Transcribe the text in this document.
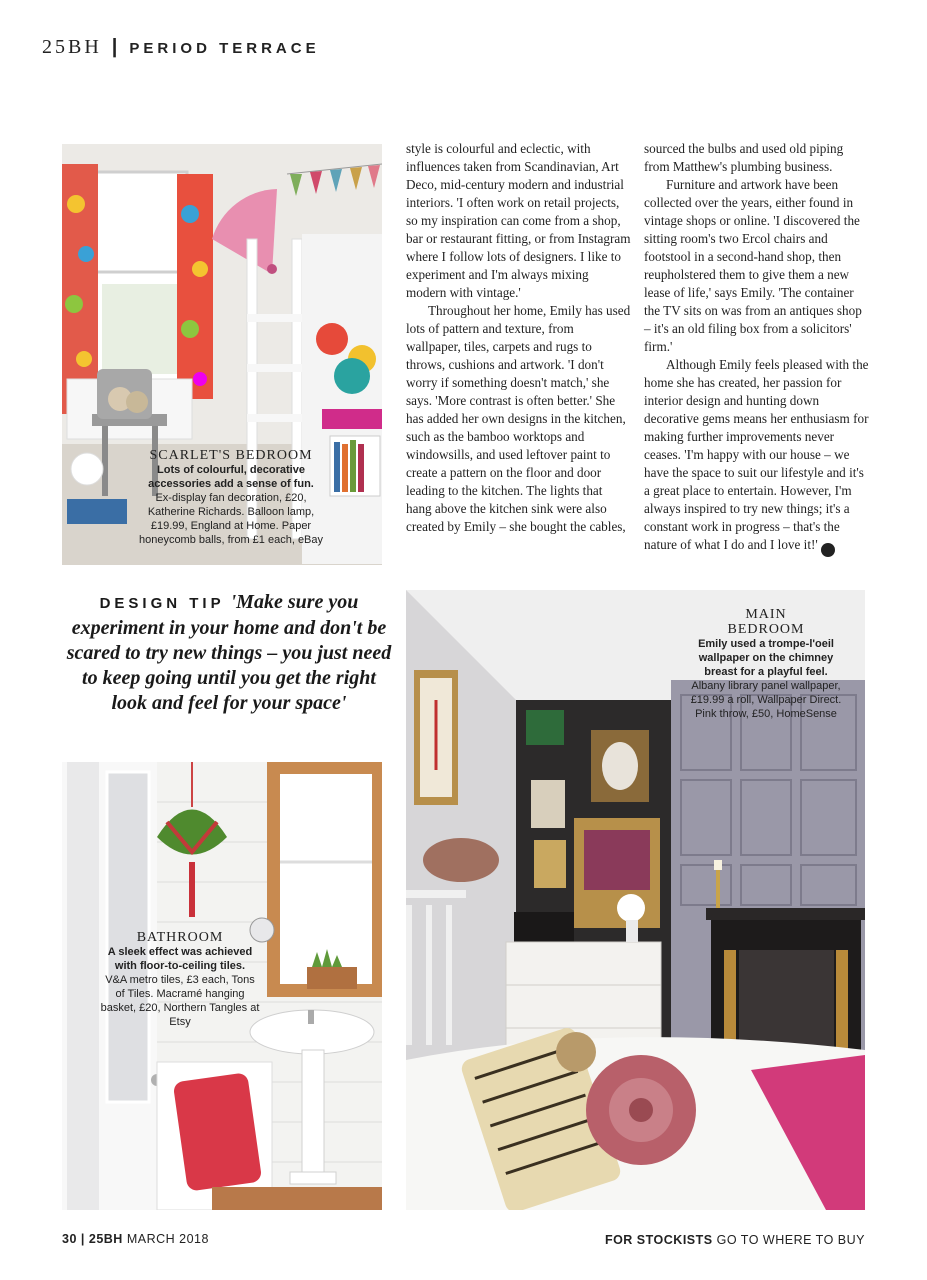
25BH | PERIOD TERRACE
SCARLET'S BEDROOM
Lots of colourful, decorative accessories add a sense of fun.
Ex-display fan decoration, £20, Katherine Richards. Balloon lamp, £19.99, England at Home. Paper honeycomb balls, from £1 each, eBay

style is colourful and eclectic, with influences taken from Scandinavian, Art Deco, mid-century modern and industrial interiors. 'I often work on retail projects, so my inspiration can come from a shop, bar or restaurant fitting, or from Instagram where I follow lots of designers. I like to experiment and I'm always mixing modern with vintage.'

Throughout her home, Emily has used lots of pattern and texture, from wallpaper, tiles, carpets and rugs to throws, cushions and artwork. 'I don't worry if something doesn't match,' she says. 'More contrast is often better.' She has added her own designs in the kitchen, such as the bamboo worktops and windowsills, and used leftover paint to create a pattern on the floor and door leading to the kitchen. The lights that hang above the kitchen sink were also created by Emily – she bought the cables,

sourced the bulbs and used old piping from Matthew's plumbing business.

Furniture and artwork have been collected over the years, either found in vintage shops or online. 'I discovered the sitting room's two Ercol chairs and footstool in a second-hand shop, then reupholstered them to give them a new lease of life,' says Emily. 'The container the TV sits on was from an antiques shop – it's an old filing box from a solicitors' firm.'

Although Emily feels pleased with the home she has created, her passion for interior design and hunting down decorative gems means her enthusiasm for making further improvements never ceases. 'I'm happy with our house – we have the space to suit our lifestyle and it's a great place to entertain. However, I'm always inspired to try new things; it's a constant work in progress – that's the nature of what I do and I love it!'	25

DESIGN TIP 'Make sure you experiment in your home and don't be scared to try new things – you just need to keep going until you get the right look and feel for your space'
BATHROOM
A sleek effect was achieved with floor-to-ceiling tiles.
V&A metro tiles, £3 each, Tons of Tiles. Macramé hanging basket, £20, Northern Tangles at Etsy
MAIN
BEDROOM
Emily used a trompe-l'oeil wallpaper on the chimney breast for a playful feel.
Albany library panel wallpaper, £19.99 a roll, Wallpaper Direct. Pink throw, £50, HomeSense
30 | 25BH MARCH 2018	FOR STOCKISTS GO TO WHERE TO BUY
